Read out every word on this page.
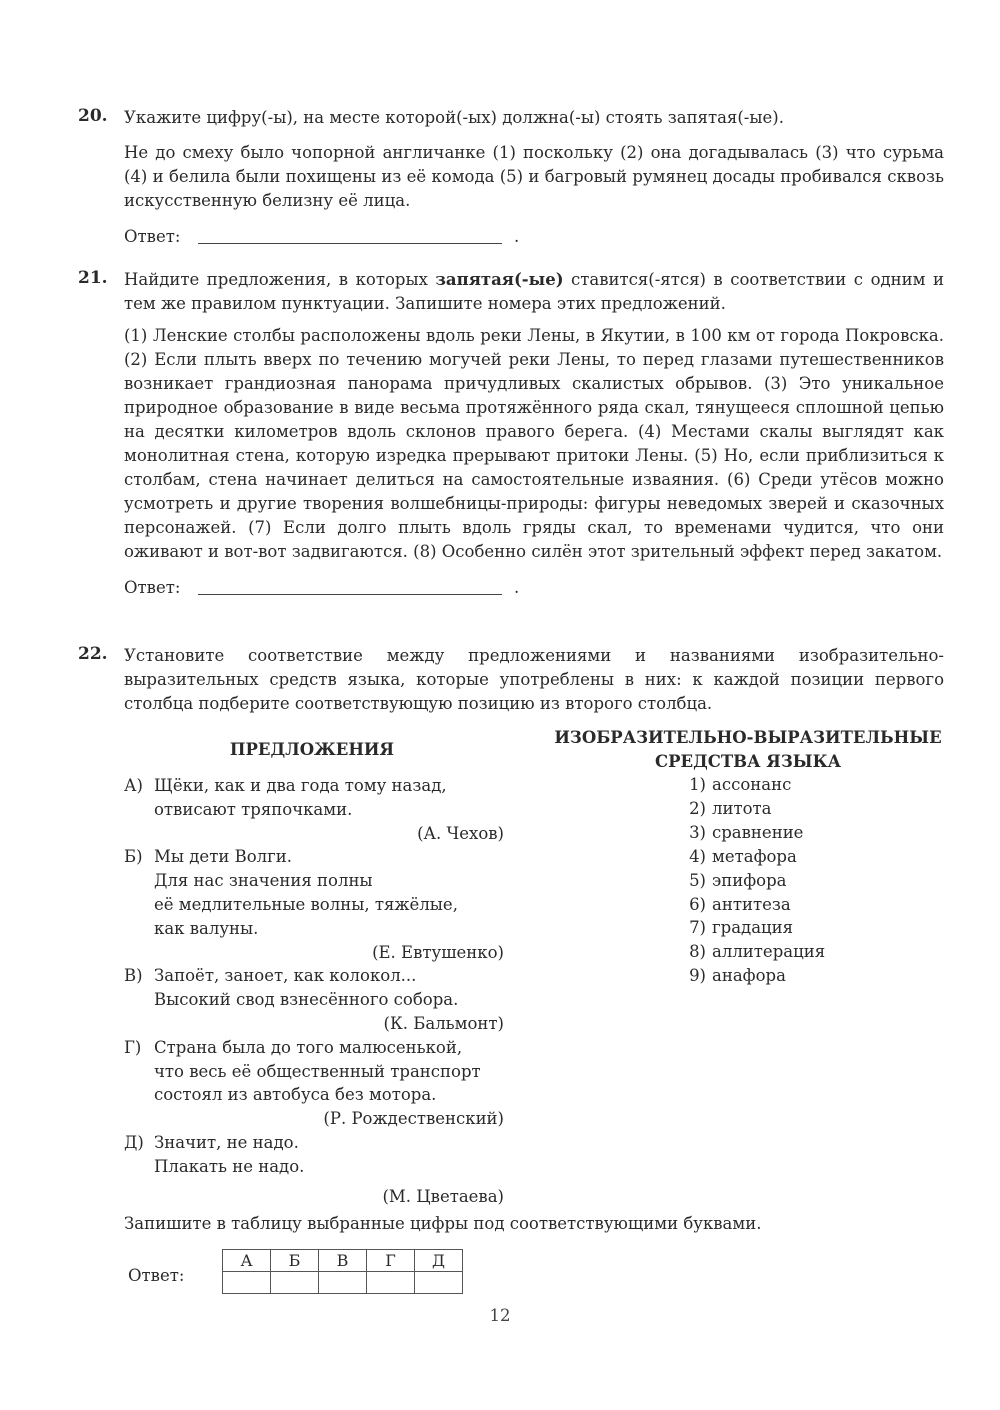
20. Укажите цифру(-ы), на месте которой(-ых) должна(-ы) стоять запятая(-ые).
Не до смеху было чопорной англичанке (1) поскольку (2) она догадывалась (3) что сурьма (4) и белила были похищены из её комода (5) и багровый румянец досады пробивался сквозь искусственную белизну её лица.
Ответ:	.
21. Найдите предложения, в которых запятая(-ые) ставится(-ятся) в соответствии с одним и тем же правилом пунктуации. Запишите номера этих предложений.
(1) Ленские столбы расположены вдоль реки Лены, в Якутии, в 100 км от города Покровска. (2) Если плыть вверх по течению могучей реки Лены, то перед глазами путешественников возникает грандиозная панорама причудливых скалистых обрывов. (3) Это уникальное природное образование в виде весьма протяжённого ряда скал, тянущееся сплошной цепью на десятки километров вдоль склонов правого берега. (4) Местами скалы выглядят как монолитная стена, которую изредка прерывают притоки Лены. (5) Но, если приблизиться к столбам, стена начинает делиться на самостоятельные изваяния. (6) Среди утёсов можно усмотреть и другие творения волшебницы-природы: фигуры неведомых зверей и сказочных персонажей. (7) Если долго плыть вдоль гряды скал, то временами чудится, что они оживают и вот-вот задвигаются. (8) Особенно силён этот зрительный эффект перед закатом.
Ответ:	.
22. Установите соответствие между предложениями и названиями изобразительно-выразительных средств языка, которые употреблены в них: к каждой позиции первого столбца подберите соответствующую позицию из второго столбца.
ПРЕДЛОЖЕНИЯ
ИЗОБРАЗИТЕЛЬНО-ВЫРАЗИТЕЛЬНЫЕ
СРЕДСТВА ЯЗЫКА
А) Щёки, как и два года тому назад,
отвисают тряпочками.
(А. Чехов)
Б) Мы дети Волги.
Для нас значения полны
её медлительные волны, тяжёлые,
как валуны.
(Е. Евтушенко)
В) Запоёт, заноет, как колокол...
Высокий свод взнесённого собора.
(К. Бальмонт)
Г) Страна была до того малюсенькой,
что весь её общественный транспорт
состоял из автобуса без мотора.
(Р. Рождественский)
Д) Значит, не надо.
Плакать не надо.
(М. Цветаева)
1) ассонанс
2) литота
3) сравнение
4) метафора
5) эпифора
6) антитеза
7) градация
8) аллитерация
9) анафора
Запишите в таблицу выбранные цифры под соответствующими буквами.
Ответ:
А	Б	В	Г	Д

12
